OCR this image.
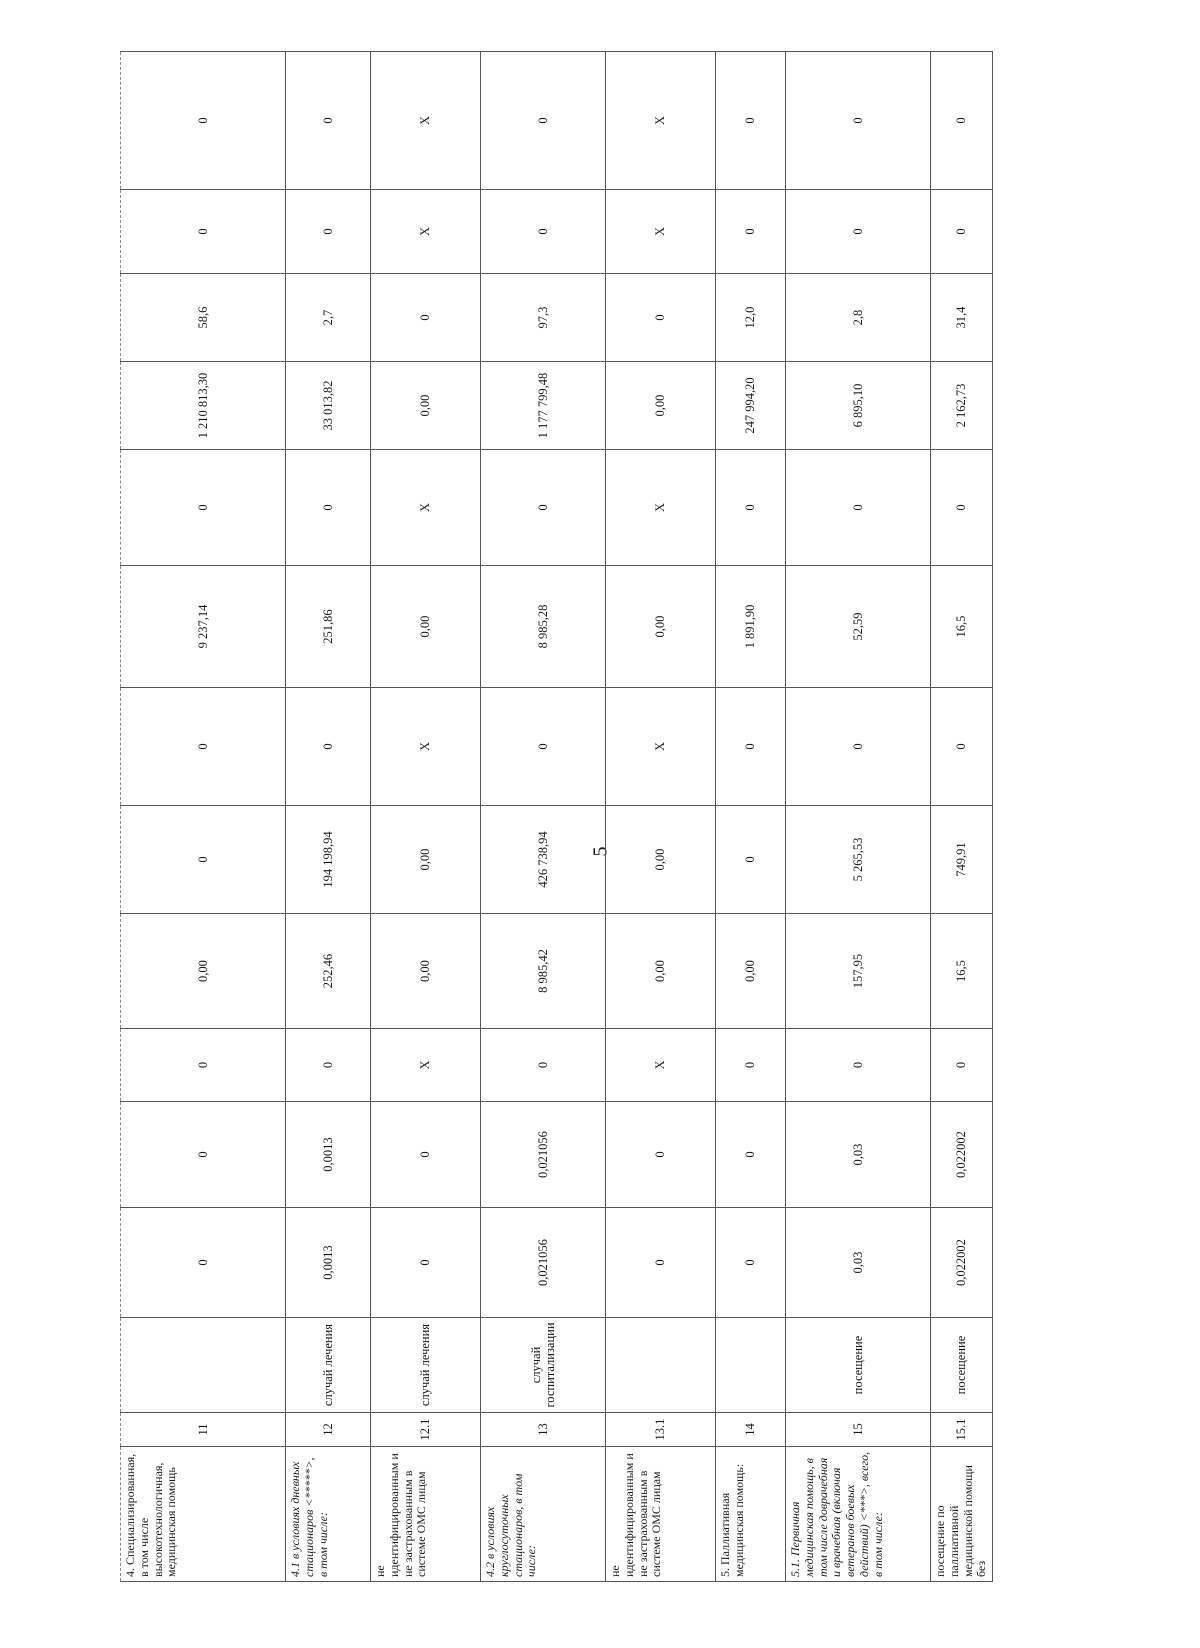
5
4. Специализированная, в том числе высокотехнологичная, медицинская помощь	11		0	0	0	0,00	0	0	9 237,14	0	1 210 813,30	58,6	0	0
4.1 в условиях дневных стационаров <*****>, в том числе:	12	случай лечения	0,0013	0,0013	0	252,46	194 198,94	0	251,86	0	33 013,82	2,7	0	0
не идентифицированным и не застрахованным в системе ОМС лицам	12.1	случай лечения	0	0	X	0,00	0,00	X	0,00	X	0,00	0	X	X
4.2 в условиях круглосуточных стационаров, в том числе:	13	случай госпитализации	0,021056	0,021056	0	8 985,42	426 738,94	0	8 985,28	0	1 177 799,48	97,3	0	0
не идентифицированным и не застрахованным в системе ОМС лицам	13.1		0	0	X	0,00	0,00	X	0,00	X	0,00	0	X	X
5. Паллиативная медицинская помощь:	14		0	0	0	0,00	0	0	1 891,90	0	247 994,20	12,0	0	0
5.1. Первичная медицинская помощь, в том числе доврачебная и врачебная (включая ветеранов боевых действий) <***>, всего, в том числе:	15	посещение	0,03	0,03	0	157,95	5 265,53	0	52,59	0	6 895,10	2,8	0	0
посещение по паллиативной медицинской помощи без	15.1	посещение	0,022002	0,022002	0	16,5	749,91	0	16,5	0	2 162,73	31,4	0	0
